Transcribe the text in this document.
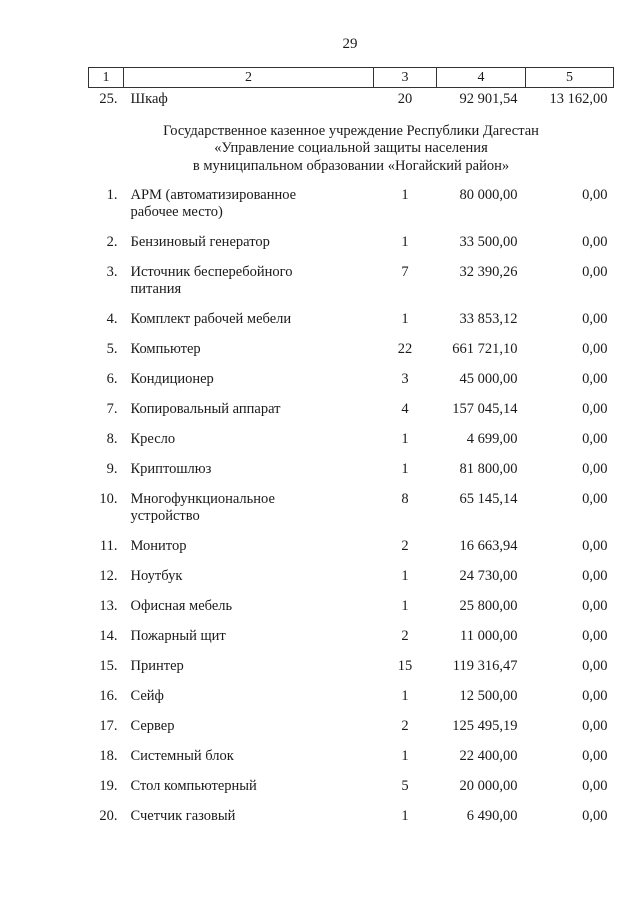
29
1	2	3	4	5
25.	Шкаф	20	92 901,54	13 162,00

Государственное казенное учреждение Республики Дагестан
«Управление социальной защиты населения
в муниципальном образовании «Ногайский район»				

1.	АРМ (автоматизированное
рабочее место)	1	80 000,00	0,00
2.	Бензиновый генератор	1	33 500,00	0,00
3.	Источник бесперебойного
питания	7	32 390,26	0,00
4.	Комплект рабочей мебели	1	33 853,12	0,00
5.	Компьютер	22	661 721,10	0,00
6.	Кондиционер	3	45 000,00	0,00
7.	Копировальный аппарат	4	157 045,14	0,00
8.	Кресло	1	4 699,00	0,00
9.	Криптошлюз	1	81 800,00	0,00
10.	Многофункциональное
устройство	8	65 145,14	0,00
11.	Монитор	2	16 663,94	0,00
12.	Ноутбук	1	24 730,00	0,00
13.	Офисная мебель	1	25 800,00	0,00
14.	Пожарный щит	2	11 000,00	0,00
15.	Принтер	15	119 316,47	0,00
16.	Сейф	1	12 500,00	0,00
17.	Сервер	2	125 495,19	0,00
18.	Системный блок	1	22 400,00	0,00
19.	Стол компьютерный	5	20 000,00	0,00
20.	Счетчик газовый	1	6 490,00	0,00
